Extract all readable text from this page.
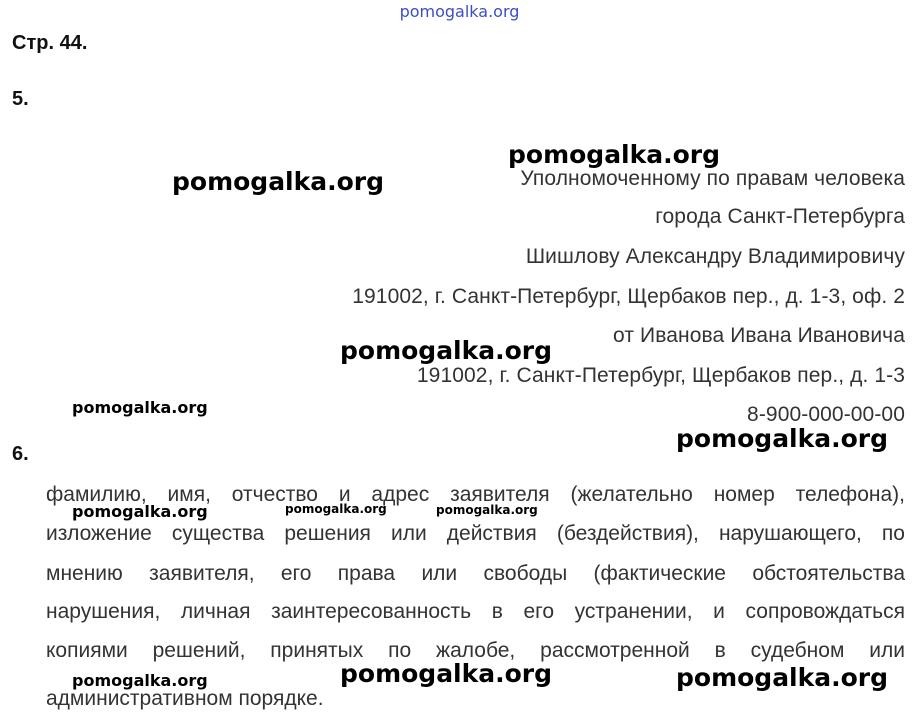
pomogalka.org
Стр. 44.
5.
Уполномоченному по правам человека
города Санкт-Петербурга
Шишлову Александру Владимировичу
191002, г. Санкт-Петербург, Щербаков пер., д. 1-3, оф. 2
от Иванова Ивана Ивановича
191002, г. Санкт-Петербург, Щербаков пер., д. 1-3
8-900-000-00-00
6.
фамилию, имя, отчество и адрес заявителя (желательно номер телефона),
изложение существа решения или действия (бездействия), нарушающего, по
мнению заявителя, его права или свободы (фактические обстоятельства
нарушения, личная заинтересованность в его устранении, и сопровождаться
копиями решений, принятых по жалобе, рассмотренной в судебном или
административном порядке.
pomogalka.org
pomogalka.org
pomogalka.org
pomogalka.org
pomogalka.org
pomogalka.org	pomogalka.org	pomogalka.org
pomogalka.org
pomogalka.org	pomogalka.org
